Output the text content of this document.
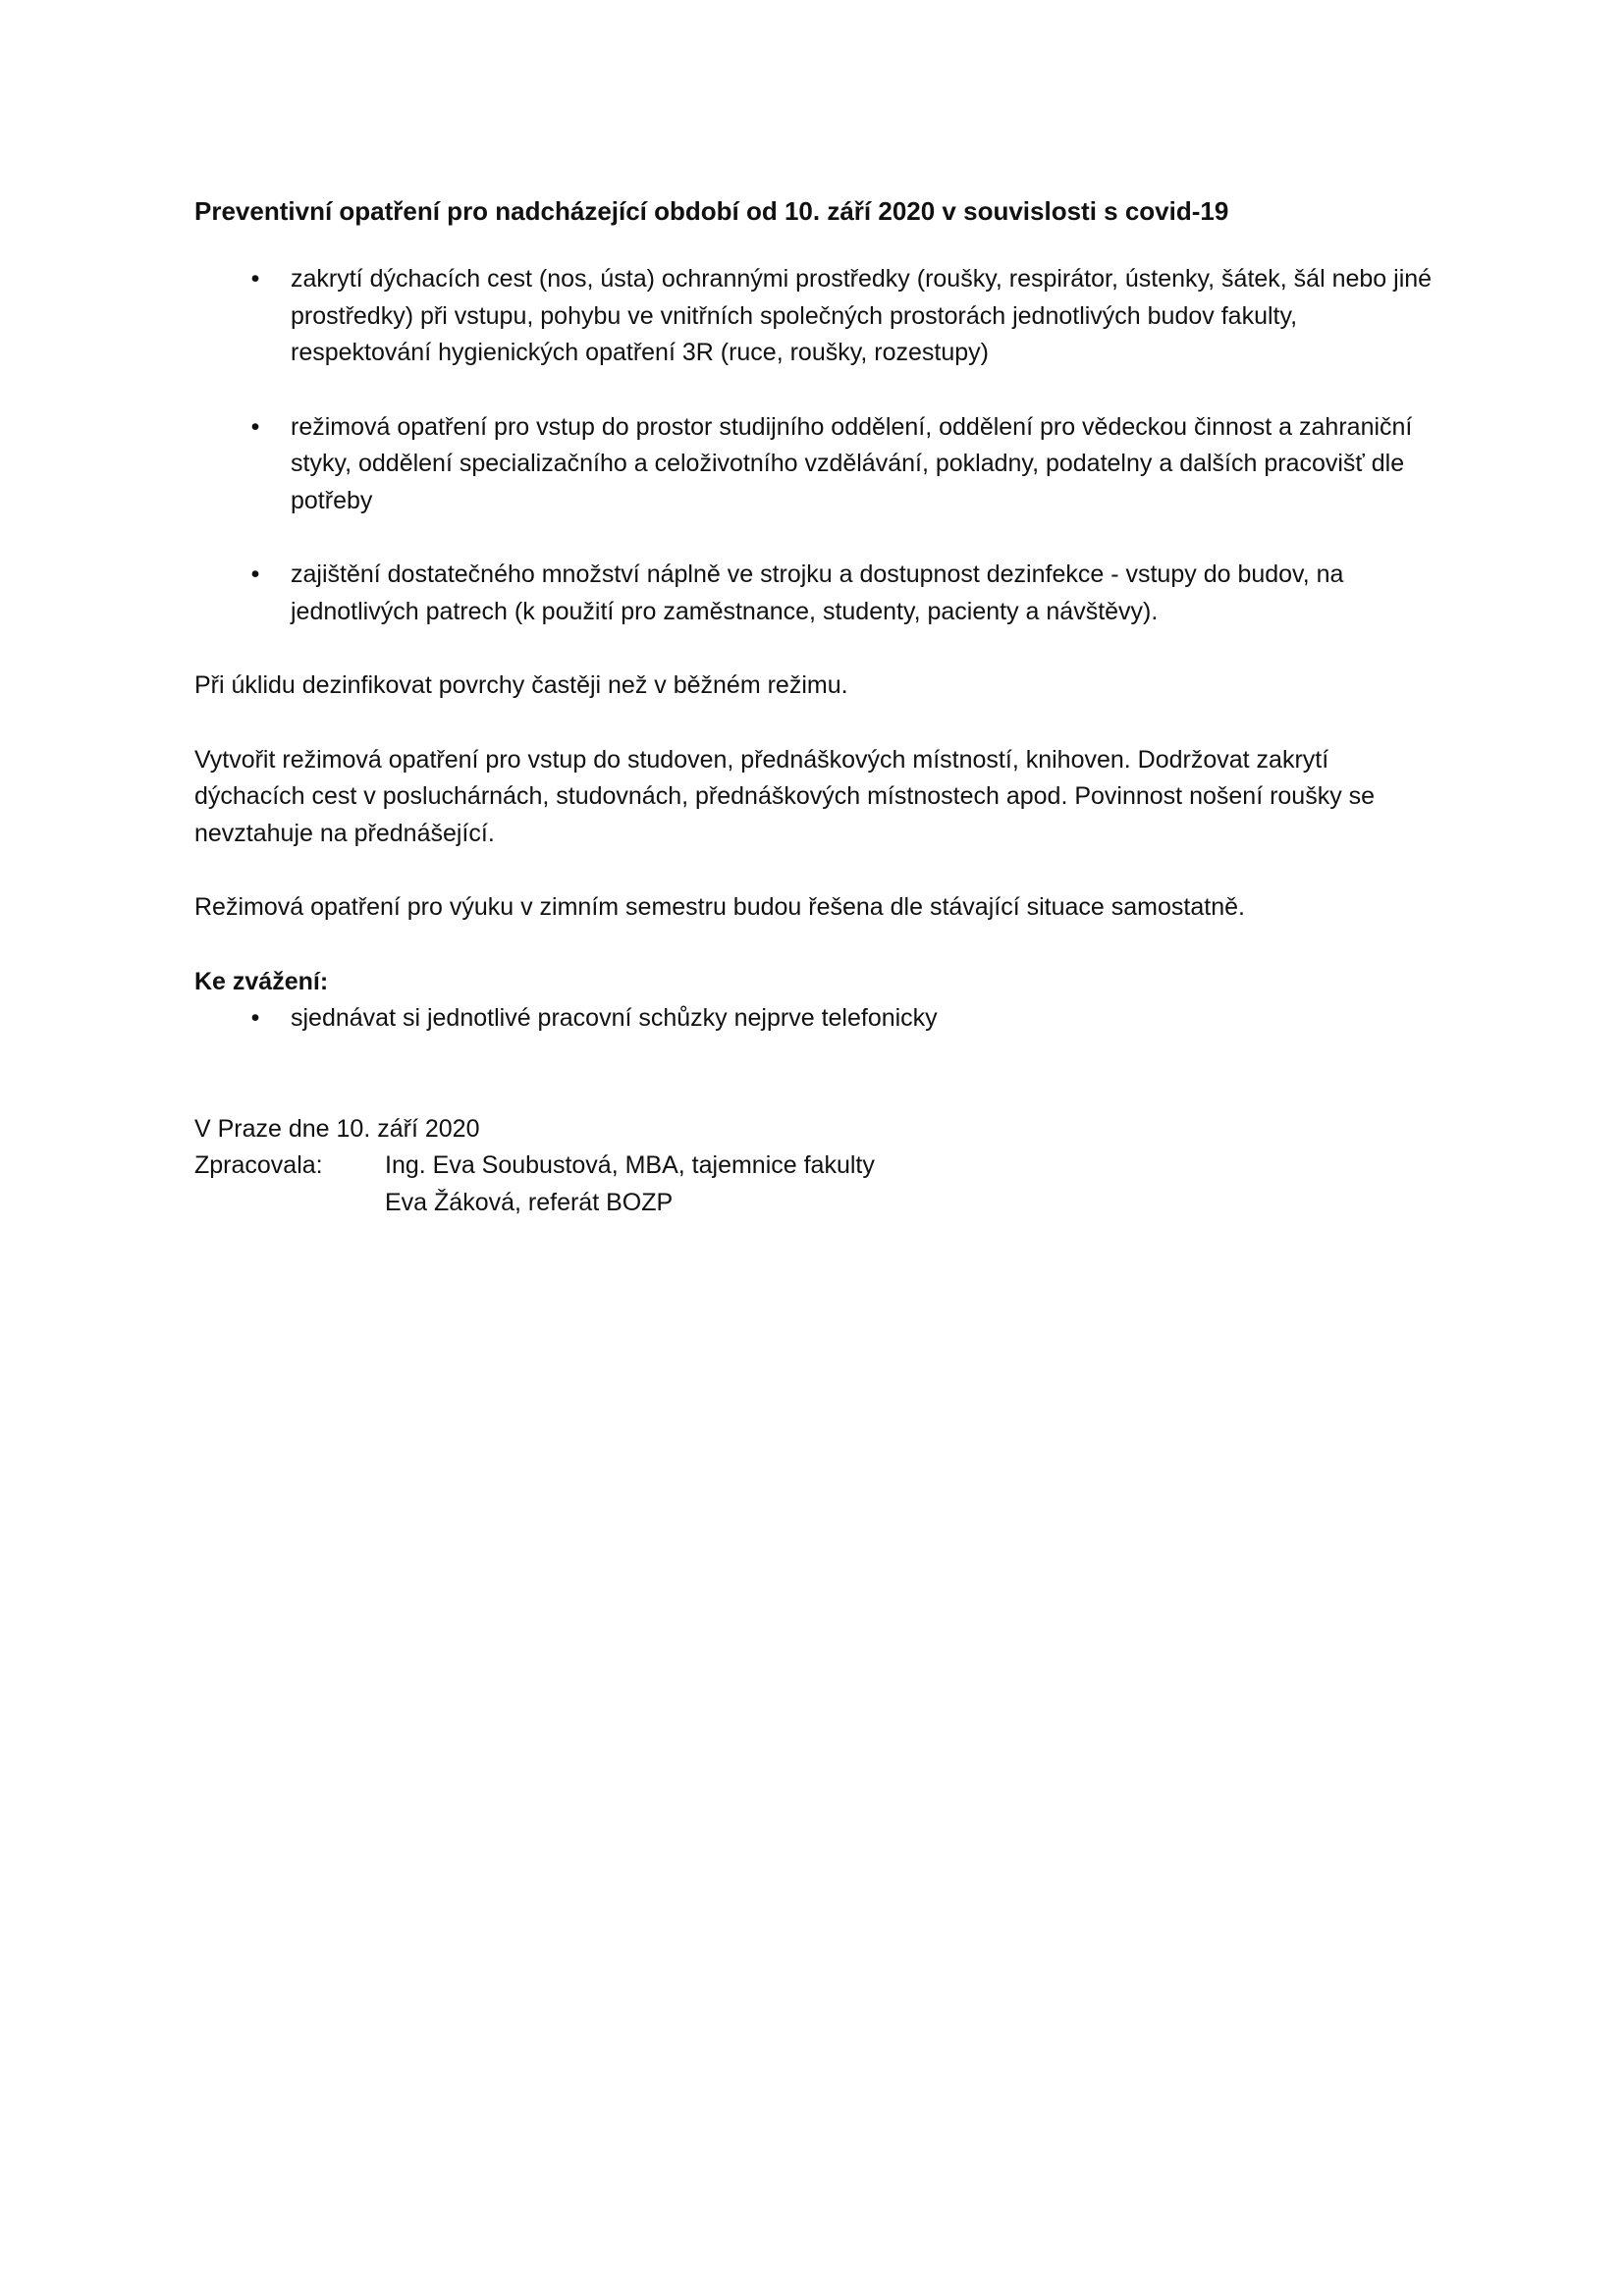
Preventivní opatření pro nadcházející období od 10. září 2020 v souvislosti s covid-19
• zakrytí dýchacích cest (nos, ústa) ochrannými prostředky (roušky, respirátor, ústenky, šátek, šál nebo jiné prostředky) při vstupu, pohybu ve vnitřních společných prostorách jednotlivých budov fakulty, respektování hygienických opatření 3R (ruce, roušky, rozestupy)
• režimová opatření pro vstup do prostor studijního oddělení, oddělení pro vědeckou činnost a zahraniční styky, oddělení specializačního a celoživotního vzdělávání, pokladny, podatelny a dalších pracovišť dle potřeby
• zajištění dostatečného množství náplně ve strojku a dostupnost dezinfekce - vstupy do budov, na jednotlivých patrech (k použití pro zaměstnance, studenty, pacienty a návštěvy).

Při úklidu dezinfikovat povrchy častěji než v běžném režimu.

Vytvořit režimová opatření pro vstup do studoven, přednáškových místností, knihoven. Dodržovat zakrytí dýchacích cest v posluchárnách, studovnách, přednáškových místnostech apod. Povinnost nošení roušky se nevztahuje na přednášející.

Režimová opatření pro výuku v zimním semestru budou řešena dle stávající situace samostatně.

Ke zvážení:
• sjednávat si jednotlivé pracovní schůzky nejprve telefonicky
V Praze dne 10. září 2020
Zpracovala:	Ing. Eva Soubustová, MBA, tajemnice fakulty
Eva Žáková, referát BOZP
